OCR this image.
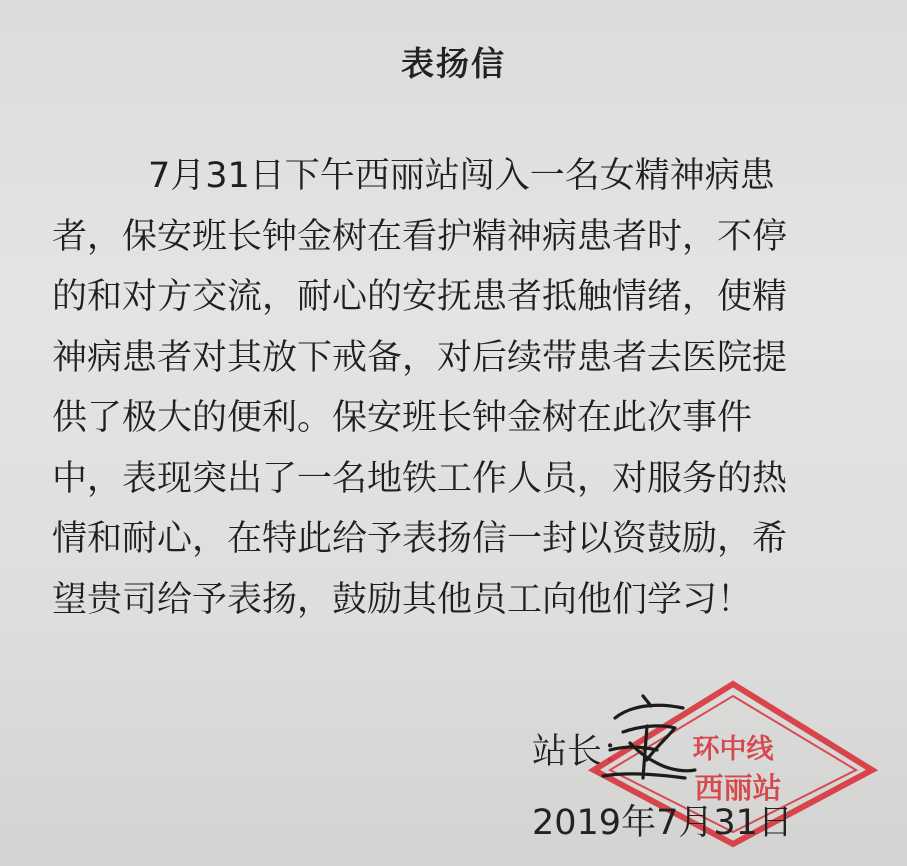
表扬信
7月31日下午西丽站闯入一名女精神病患
者，保安班长钟金树在看护精神病患者时，不停
的和对方交流，耐心的安抚患者抵触情绪，使精
神病患者对其放下戒备，对后续带患者去医院提
供了极大的便利。保安班长钟金树在此次事件
中，表现突出了一名地铁工作人员，对服务的热
情和耐心，在特此给予表扬信一封以资鼓励，希
望贵司给予表扬，鼓励其他员工向他们学习！
站长： 环中线
西丽站
2019年7月31日
